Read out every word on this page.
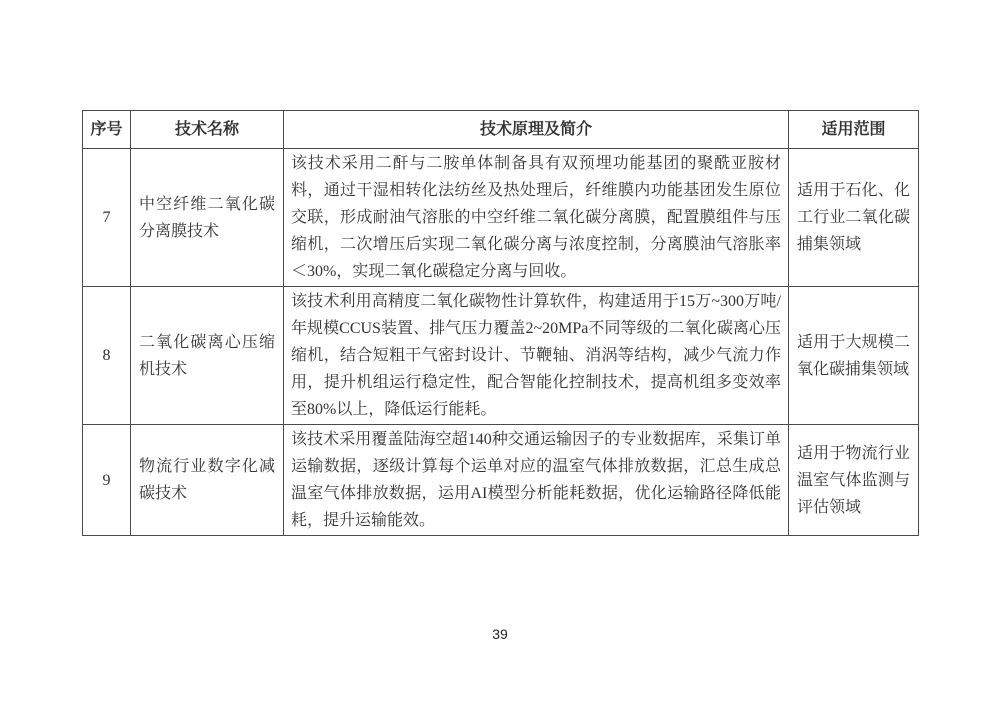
序号	技术名称	技术原理及简介	适用范围
7	中空纤维二氧化碳分离膜技术	该技术采用二酐与二胺单体制备具有双预埋功能基团的聚酰亚胺材料，通过干湿相转化法纺丝及热处理后，纤维膜内功能基团发生原位交联，形成耐油气溶胀的中空纤维二氧化碳分离膜，配置膜组件与压缩机，二次增压后实现二氧化碳分离与浓度控制，分离膜油气溶胀率＜30%，实现二氧化碳稳定分离与回收。	适用于石化、化工行业二氧化碳捕集领域
8	二氧化碳离心压缩机技术	该技术利用高精度二氧化碳物性计算软件，构建适用于15万~300万吨/年规模CCUS装置、排气压力覆盖2~20MPa不同等级的二氧化碳离心压缩机，结合短粗干气密封设计、节鞭轴、消涡等结构，减少气流力作用，提升机组运行稳定性，配合智能化控制技术，提高机组多变效率至80%以上，降低运行能耗。	适用于大规模二氧化碳捕集领域
9	物流行业数字化减碳技术	该技术采用覆盖陆海空超140种交通运输因子的专业数据库，采集订单运输数据，逐级计算每个运单对应的温室气体排放数据，汇总生成总温室气体排放数据，运用AI模型分析能耗数据，优化运输路径降低能耗，提升运输能效。	适用于物流行业温室气体监测与评估领域
39
